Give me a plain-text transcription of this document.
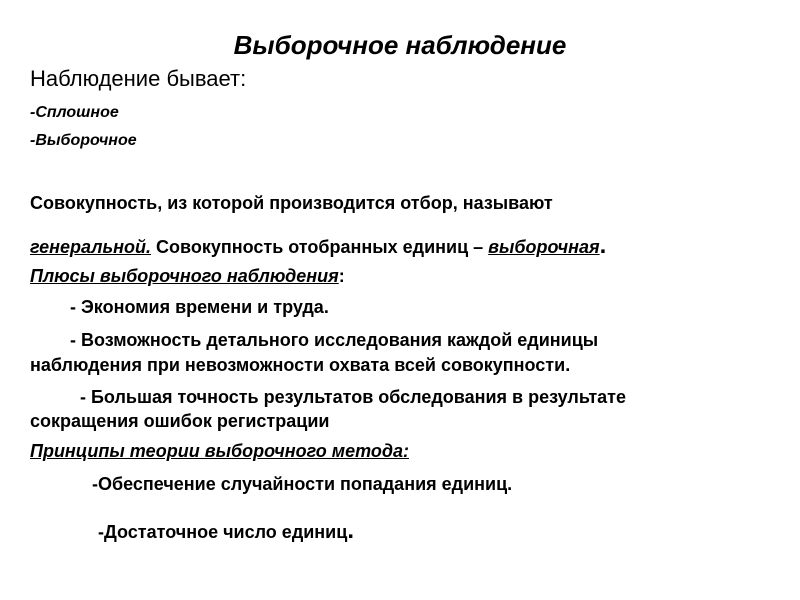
Выборочное наблюдение
Наблюдение бывает:
-Сплошное
-Выборочное
Совокупность, из которой производится отбор, называют
генеральной. Совокупность отобранных единиц – выборочная.
Плюсы выборочного наблюдения:
- Экономия времени и труда.
- Возможность детального исследования каждой единицы
наблюдения при невозможности охвата всей совокупности.
- Большая точность результатов обследования в результате
сокращения ошибок регистрации
Принципы теории выборочного метода:
-Обеспечение случайности попадания единиц.
-Достаточное число единиц.
